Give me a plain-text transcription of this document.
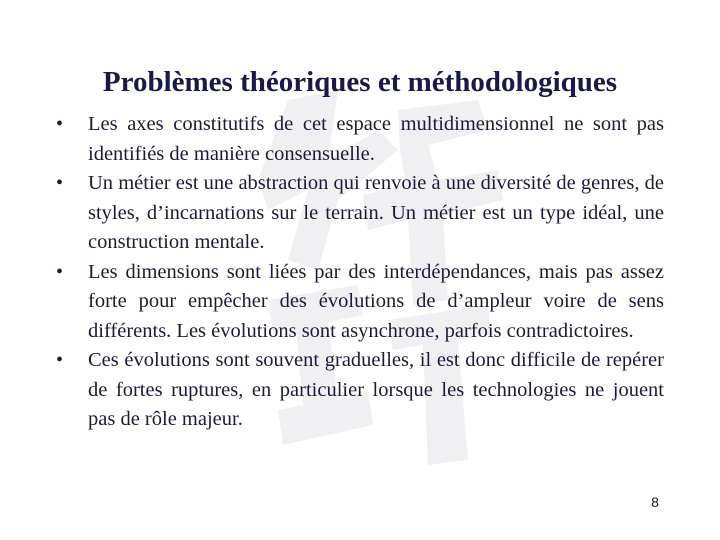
Problèmes théoriques et méthodologiques
•	Les axes constitutifs de cet espace multidimensionnel ne sont pas identifiés de manière consensuelle.
•	Un métier est une abstraction qui renvoie à une diversité de genres, de styles, d’incarnations sur le terrain. Un métier est un type idéal, une construction mentale.
•	Les dimensions sont liées par des interdépendances, mais pas assez forte pour empêcher des évolutions de d’ampleur voire de sens différents. Les évolutions sont asynchrone, parfois contradictoires.
•	Ces évolutions sont souvent graduelles, il est donc difficile de repérer de fortes ruptures, en particulier lorsque les technologies ne jouent pas de rôle majeur.
8
